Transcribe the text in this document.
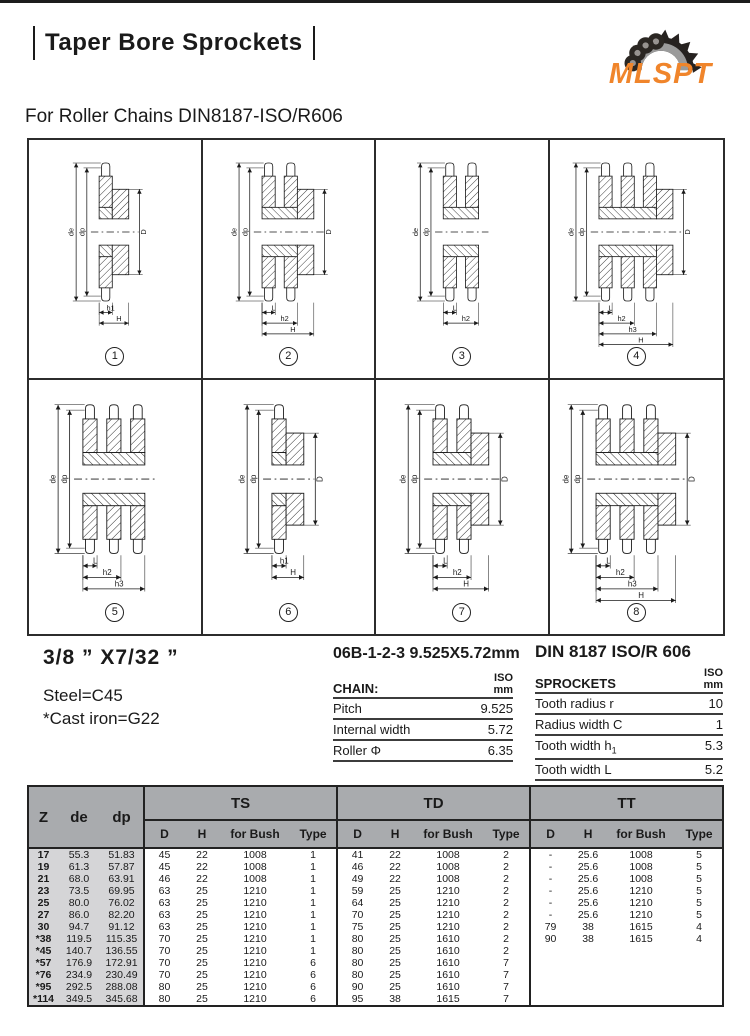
Taper Bore Sprockets
MLSPT
For Roller Chains DIN8187-ISO/R606
de dp	D
h1
H
1
de dp	D
L
h2
H
2
de dp
L
h2
3
de dp	D
L
h2
h3
H
4
de dp
L
h2
h3
5
de dp	D
h1
H
6
de dp	D
L
h2
H
7
de dp	D
L
h2
h3
H
8
3/8 ” X7/32 ”
Steel=C45
*Cast iron=G22
06B-1-2-3 9.525X5.72mm
CHAIN:
ISO
mm
Pitch	9.525
Internal width	5.72
Roller Φ	6.35
DIN 8187 ISO/R 606
SPROCKETS
ISO
mm
Tooth radius r	10
Radius width C	1
Tooth width $h_1$	5.3
Tooth width L	5.2
Z	de	dp	TS				TD				TT			
			D	H	for Bush	Type	D	H	for Bush	Type	D	H	for Bush	Type
17	55.3	51.83	45	22	1008	1	41	22	1008	2	-	25.6	1008	5
19	61.3	57.87	45	22	1008	1	46	22	1008	2	-	25.6	1008	5
21	68.0	63.91	46	22	1008	1	49	22	1008	2	-	25.6	1008	5
23	73.5	69.95	63	25	1210	1	59	25	1210	2	-	25.6	1210	5
25	80.0	76.02	63	25	1210	1	64	25	1210	2	-	25.6	1210	5
27	86.0	82.20	63	25	1210	1	70	25	1210	2	-	25.6	1210	5
30	94.7	91.12	63	25	1210	1	75	25	1210	2	79	38	1615	4
*38	119.5	115.35	70	25	1210	1	80	25	1610	2	90	38	1615	4
*45	140.7	136.55	70	25	1210	1	80	25	1610	2				
*57	176.9	172.91	70	25	1210	6	80	25	1610	7				
*76	234.9	230.49	70	25	1210	6	80	25	1610	7				
*95	292.5	288.08	80	25	1210	6	90	25	1610	7				
*114	349.5	345.68	80	25	1210	6	95	38	1615	7				
